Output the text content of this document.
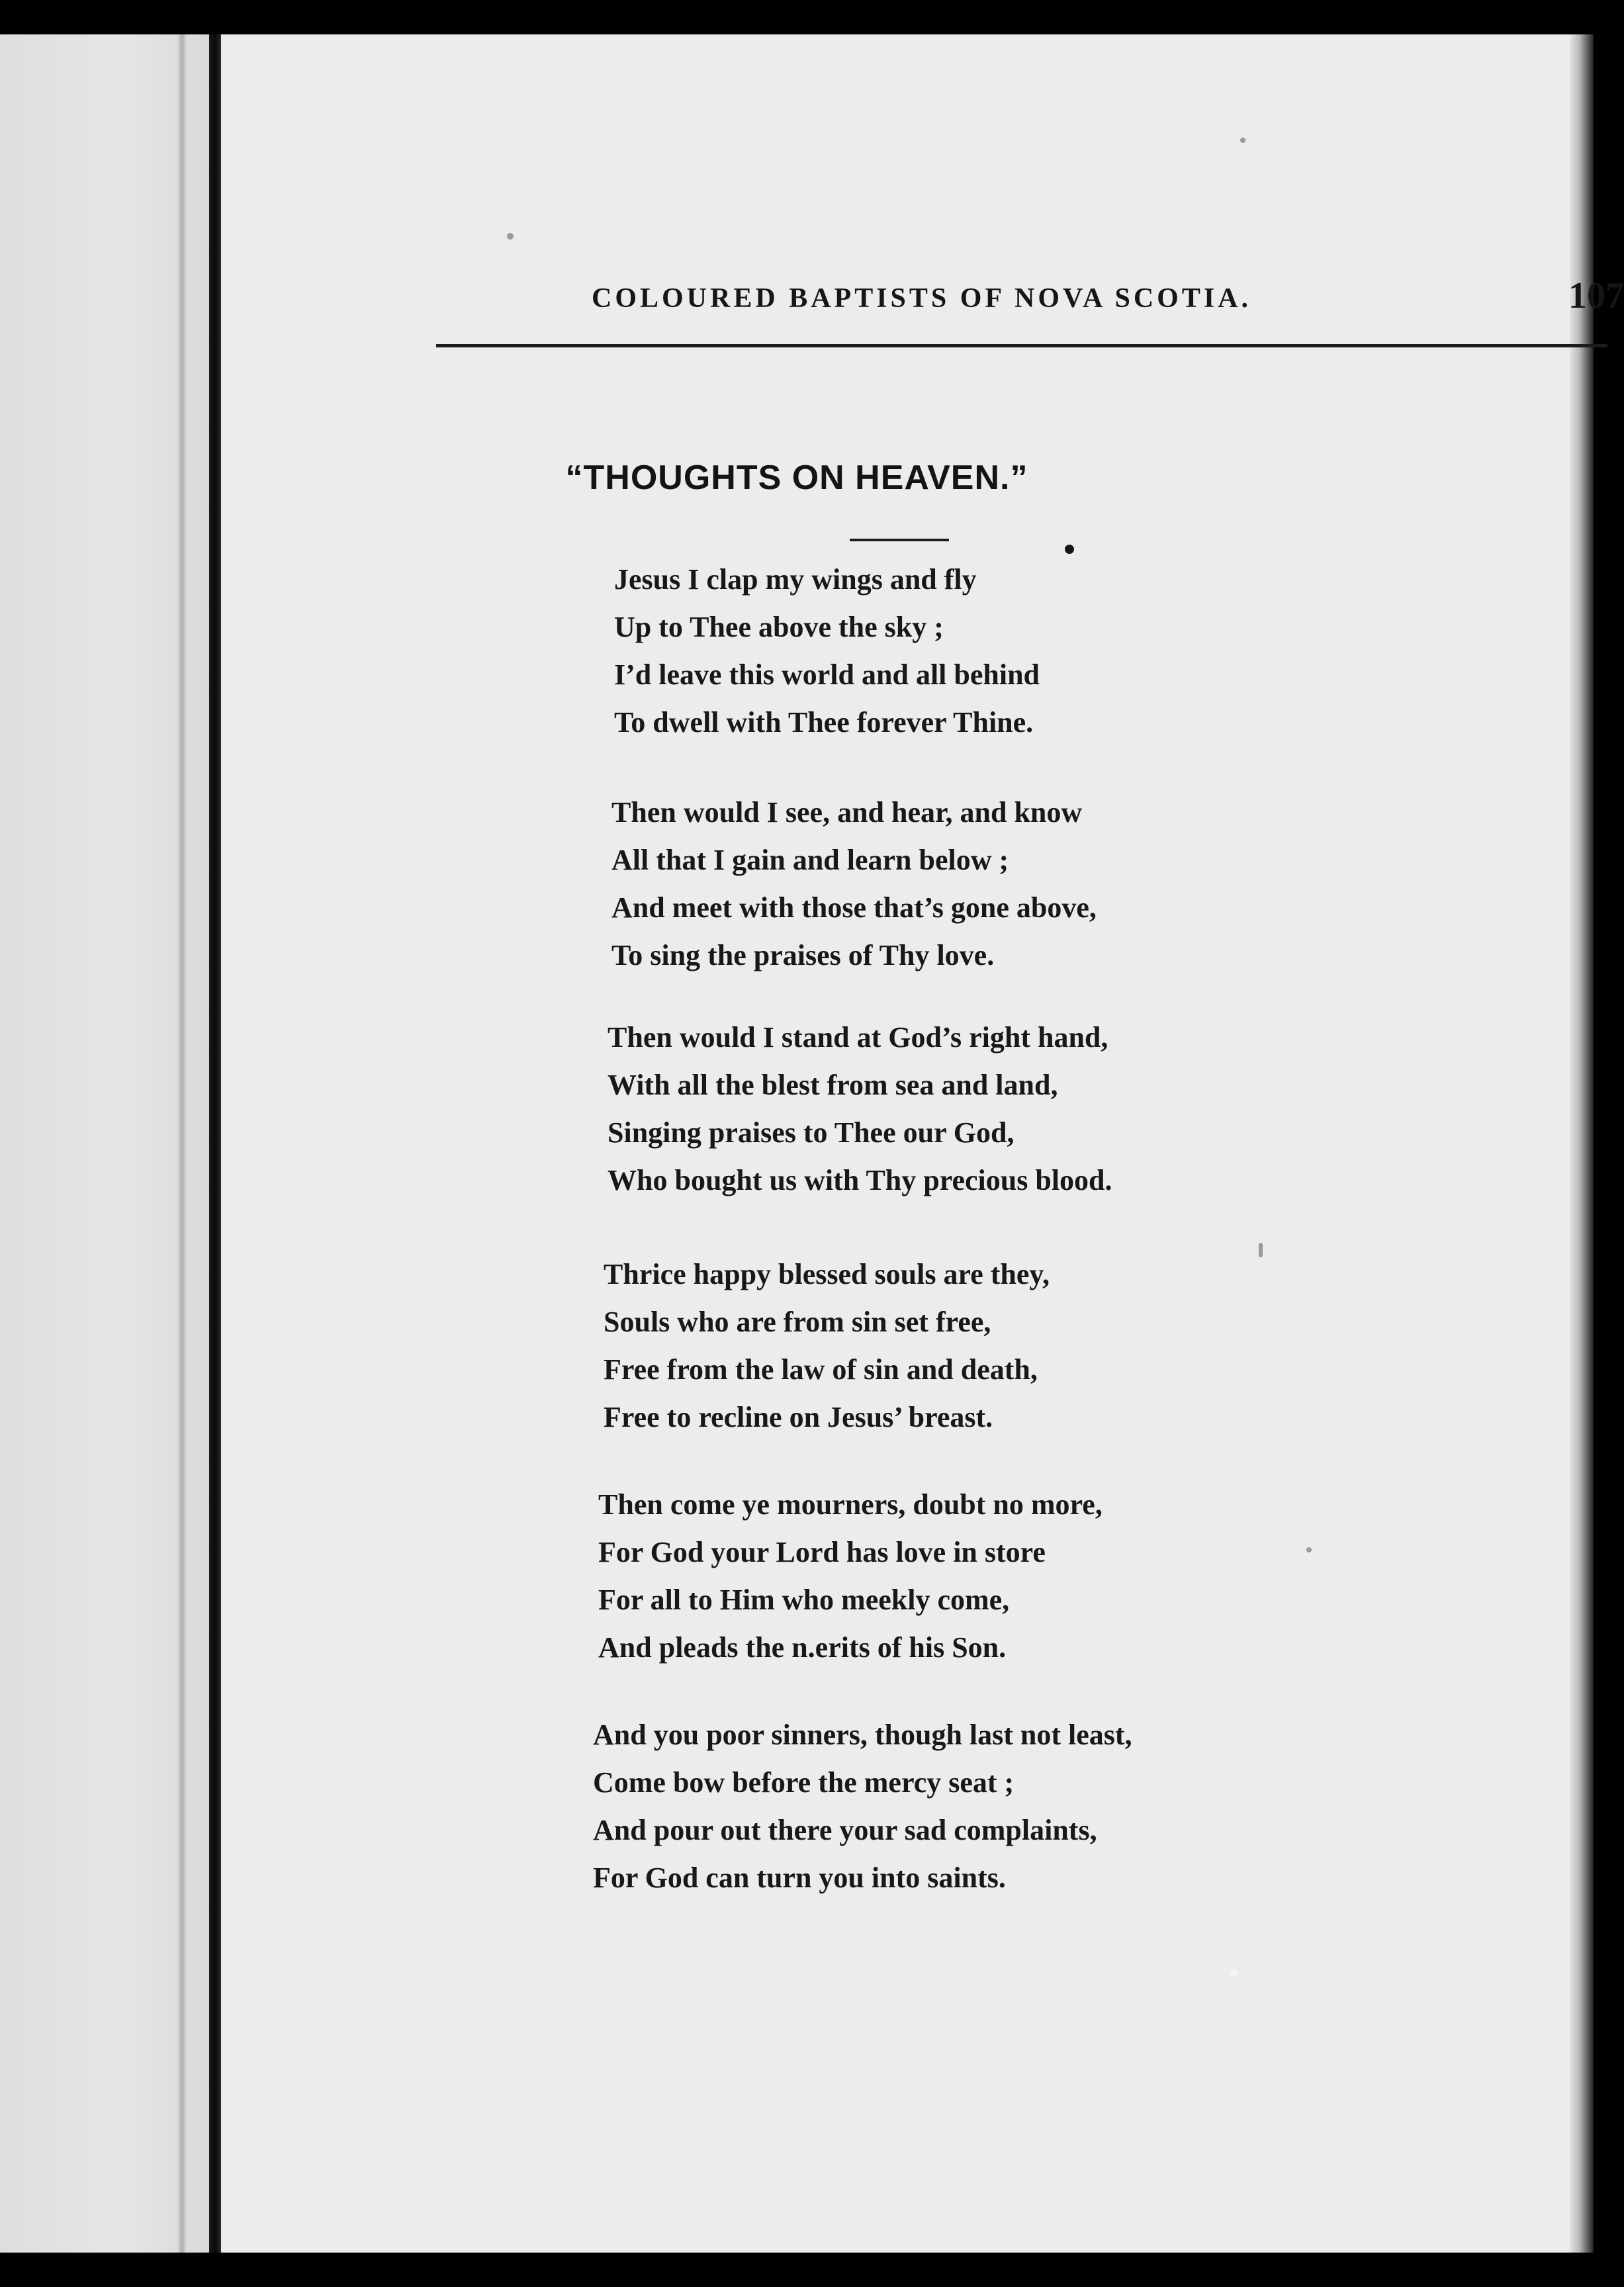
COLOURED BAPTISTS OF NOVA SCOTIA.	107
“THOUGHTS ON HEAVEN.”
Jesus I clap my wings and fly
Up to Thee above the sky ;
I’d leave this world and all behind
To dwell with Thee forever Thine.
Then would I see, and hear, and know
All that I gain and learn below ;
And meet with those that’s gone above,
To sing the praises of Thy love.
Then would I stand at God’s right hand,
With all the blest from sea and land,
Singing praises to Thee our God,
Who bought us with Thy precious blood.
Thrice happy blessed souls are they,
Souls who are from sin set free,
Free from the law of sin and death,
Free to recline on Jesus’ breast.
Then come ye mourners, doubt no more,
For God your Lord has love in store
For all to Him who meekly come,
And pleads the n.erits of his Son.
And you poor sinners, though last not least,
Come bow before the mercy seat ;
And pour out there your sad complaints,
For God can turn you into saints.
